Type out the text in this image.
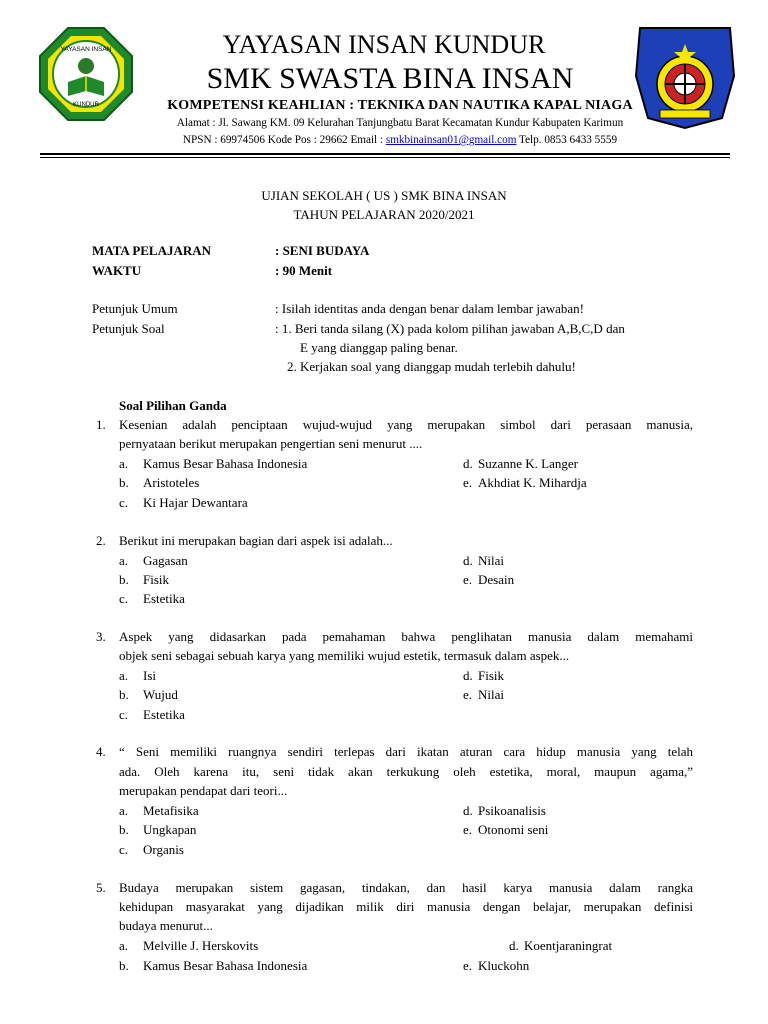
YAYASAN INSAN
KUNDUR
YAYASAN INSAN KUNDUR
SMK SWASTA BINA INSAN
KOMPETENSI KEAHLIAN : TEKNIKA DAN NAUTIKA KAPAL NIAGA
Alamat : Jl. Sawang KM. 09 Kelurahan Tanjungbatu Barat Kecamatan Kundur Kabupaten Karimun
NPSN : 69974506 Kode Pos : 29662 Email : smkbinainsan01@gmail.com Telp. 0853 6433 5559
UJIAN SEKOLAH ( US ) SMK BINA INSAN
TAHUN PELAJARAN 2020/2021
MATA PELAJARAN	: SENI BUDAYA
WAKTU	: 90 Menit
Petunjuk Umum	: Isilah identitas anda dengan benar dalam lembar jawaban!
Petunjuk Soal	: 1. Beri tanda silang (X) pada kolom pilihan jawaban A,B,C,D dan
E yang dianggap paling benar.
2. Kerjakan soal yang dianggap mudah terlebih dahulu!
Soal Pilihan Ganda
1. Kesenian adalah penciptaan wujud-wujud yang merupakan simbol dari perasaan manusia,
pernyataan berikut merupakan pengertian seni menurut ....
a. Kamus Besar Bahasa Indonesia
b. Aristoteles
c. Ki Hajar Dewantara
d. Suzanne K. Langer
e. Akhdiat K. Mihardja
2. Berikut ini merupakan bagian dari aspek isi adalah...
a. Gagasan
b. Fisik
c. Estetika
d. Nilai
e. Desain
3. Aspek yang didasarkan pada pemahaman bahwa penglihatan manusia dalam memahami
objek seni sebagai sebuah karya yang memiliki wujud estetik, termasuk dalam aspek...
a. Isi
b. Wujud
c. Estetika
d. Fisik
e. Nilai
4. “ Seni memiliki ruangnya sendiri terlepas dari ikatan aturan cara hidup manusia yang telah
ada. Oleh karena itu, seni tidak akan terkukung oleh estetika, moral, maupun agama,”
merupakan pendapat dari teori...
a. Metafisika
b. Ungkapan
c. Organis
d. Psikoanalisis
e. Otonomi seni
5. Budaya merupakan sistem gagasan, tindakan, dan hasil karya manusia dalam rangka
kehidupan masyarakat yang dijadikan milik diri manusia dengan belajar, merupakan definisi
budaya menurut...
a. Melville J. Herskovits
b. Kamus Besar Bahasa Indonesia
d. Koentjaraningrat
e. Kluckohn
